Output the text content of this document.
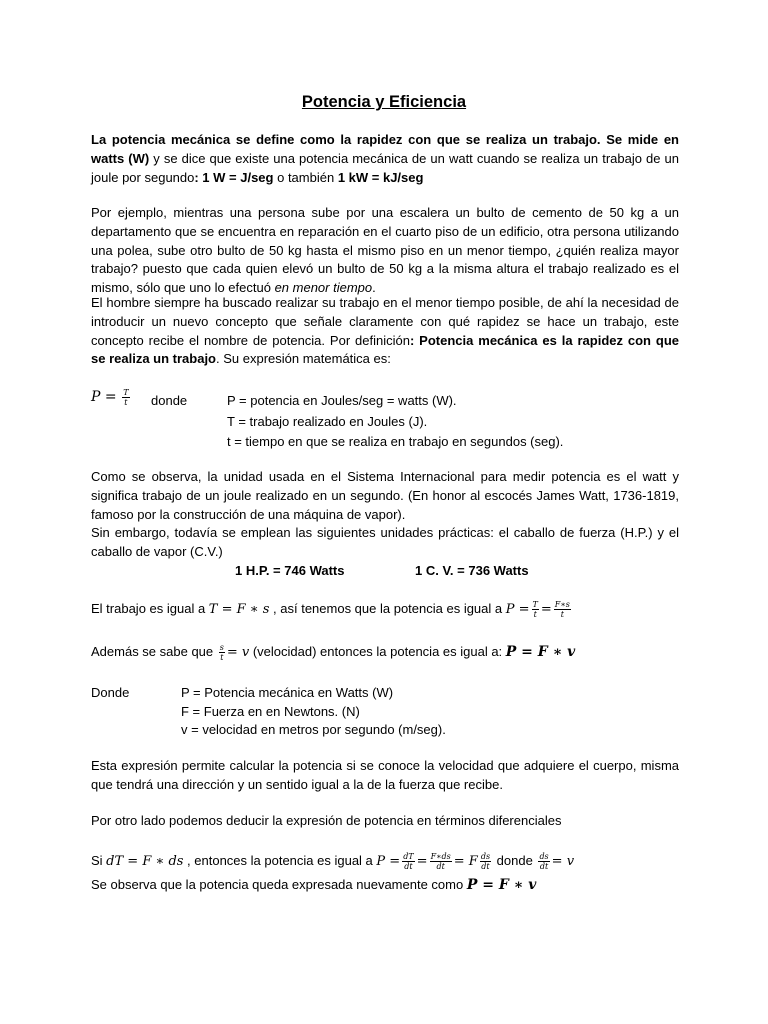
Potencia y Eficiencia
La potencia mecánica se define como la rapidez con que se realiza un trabajo. Se mide en watts (W) y se dice que existe una potencia mecánica de un watt cuando se realiza un trabajo de un joule por segundo: 1 W = J/seg o también 1 kW = kJ/seg
Por ejemplo, mientras una persona sube por una escalera un bulto de cemento de 50 kg a un departamento que se encuentra en reparación en el cuarto piso de un edificio, otra persona utilizando una polea, sube otro bulto de 50 kg hasta el mismo piso en un menor tiempo, ¿quién realiza mayor trabajo? puesto que cada quien elevó un bulto de 50 kg a la misma altura el trabajo realizado es el mismo, sólo que uno lo efectuó en menor tiempo.
El hombre siempre ha buscado realizar su trabajo en el menor tiempo posible, de ahí la necesidad de introducir un nuevo concepto que señale claramente con qué rapidez se hace un trabajo, este concepto recibe el nombre de potencia. Por definición: Potencia mecánica es la rapidez con que se realiza un trabajo. Su expresión matemática es:
$P = \frac{T}{t}$ donde	P = potencia en Joules/seg = watts (W).
T = trabajo realizado en Joules (J).
t = tiempo en que se realiza en trabajo en segundos (seg).
Como se observa, la unidad usada en el Sistema Internacional para medir potencia es el watt y significa trabajo de un joule realizado en un segundo. (En honor al escocés James Watt, 1736-1819, famoso por la construcción de una máquina de vapor).
Sin embargo, todavía se emplean las siguientes unidades prácticas: el caballo de fuerza (H.P.) y el caballo de vapor (C.V.)
1 H.P. = 746 Watts	1 C. V. = 736 Watts
El trabajo es igual a T = F ∗ s , así tenemos que la potencia es igual a $P = \frac{T}{t} = \frac{F∗s}{t}$
Además se sabe que $\frac{s}{t} = v$ (velocidad) entonces la potencia es igual a: P = F ∗ v
Donde	P = Potencia mecánica en Watts (W)
F = Fuerza en en Newtons. (N)
v = velocidad en metros por segundo (m/seg).
Esta expresión permite calcular la potencia si se conoce la velocidad que adquiere el cuerpo, misma que tendrá una dirección y un sentido igual a la de la fuerza que recibe.
Por otro lado podemos deducir la expresión de potencia en términos diferenciales
Si dT = F ∗ ds , entonces la potencia es igual a $P = \frac{dT}{dt} = \frac{F∗ds}{dt} = F \frac{ds}{dt}$ donde $\frac{ds}{dt} = v$
Se observa que la potencia queda expresada nuevamente como P = F ∗ v
